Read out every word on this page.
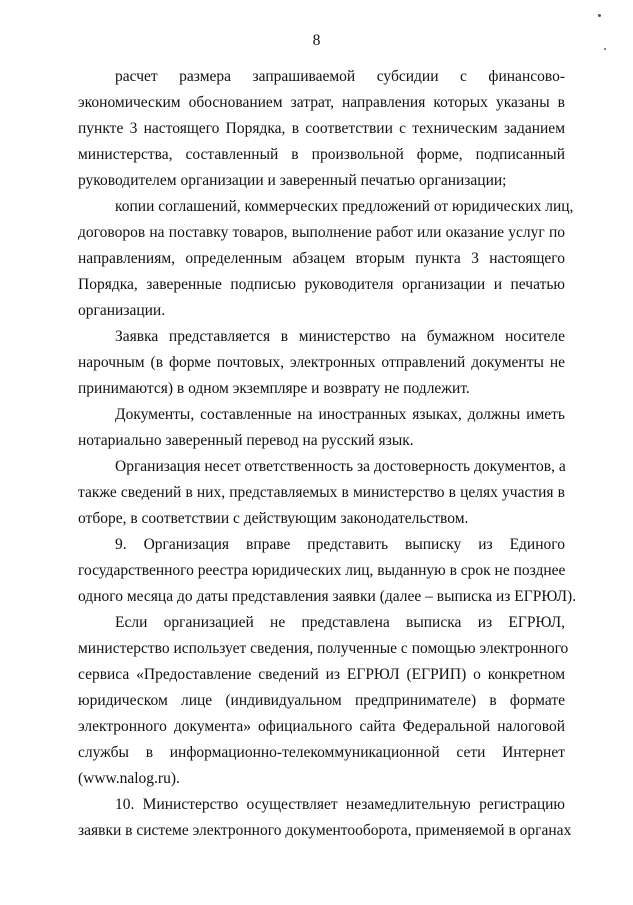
8
расчет размера запрашиваемой субсидии с финансово-
экономическим обоснованием затрат, направления которых указаны в
пункте 3 настоящего Порядка, в соответствии с техническим заданием
министерства, составленный в произвольной форме, подписанный
руководителем организации и заверенный печатью организации;
копии соглашений, коммерческих предложений от юридических лиц,
договоров на поставку товаров, выполнение работ или оказание услуг по
направлениям, определенным абзацем вторым пункта 3 настоящего
Порядка, заверенные подписью руководителя организации и печатью
организации.
Заявка представляется в министерство на бумажном носителе
нарочным (в форме почтовых, электронных отправлений документы не
принимаются) в одном экземпляре и возврату не подлежит.
Документы, составленные на иностранных языках, должны иметь
нотариально заверенный перевод на русский язык.
Организация несет ответственность за достоверность документов, а
также сведений в них, представляемых в министерство в целях участия в
отборе, в соответствии с действующим законодательством.
9. Организация вправе представить выписку из Единого
государственного реестра юридических лиц, выданную в срок не позднее
одного месяца до даты представления заявки (далее – выписка из ЕГРЮЛ).
Если организацией не представлена выписка из ЕГРЮЛ,
министерство использует сведения, полученные с помощью электронного
сервиса «Предоставление сведений из ЕГРЮЛ (ЕГРИП) о конкретном
юридическом лице (индивидуальном предпринимателе) в формате
электронного документа» официального сайта Федеральной налоговой
службы в информационно-телекоммуникационной сети Интернет
(www.nalog.ru).
10. Министерство осуществляет незамедлительную регистрацию
заявки в системе электронного документооборота, применяемой в органах
